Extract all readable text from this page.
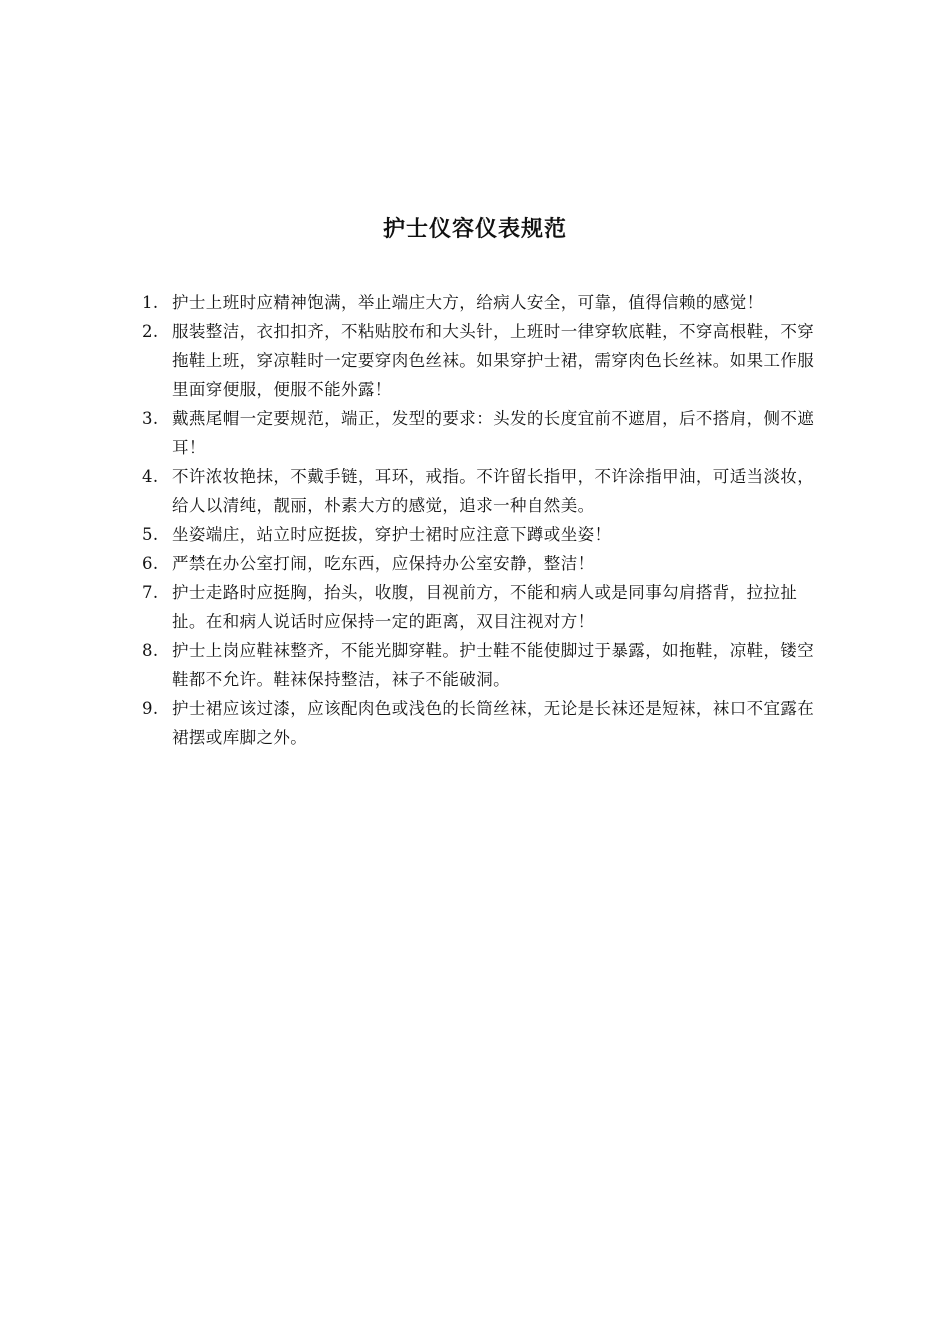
护士仪容仪表规范
1. 护士上班时应精神饱满，举止端庄大方，给病人安全，可靠，值得信赖的感觉！
2. 服装整洁，衣扣扣齐，不粘贴胶布和大头针，上班时一律穿软底鞋，不穿高根鞋，不穿拖鞋上班，穿凉鞋时一定要穿肉色丝袜。如果穿护士裙，需穿肉色长丝袜。如果工作服里面穿便服，便服不能外露！
3. 戴燕尾帽一定要规范，端正，发型的要求：头发的长度宜前不遮眉，后不搭肩，侧不遮耳！
4. 不许浓妆艳抹，不戴手链，耳环，戒指。不许留长指甲，不许涂指甲油，可适当淡妆，给人以清纯，靓丽，朴素大方的感觉，追求一种自然美。
5. 坐姿端庄，站立时应挺拔，穿护士裙时应注意下蹲或坐姿！
6. 严禁在办公室打闹，吃东西，应保持办公室安静，整洁！
7. 护士走路时应挺胸，抬头，收腹，目视前方，不能和病人或是同事勾肩搭背，拉拉扯扯。在和病人说话时应保持一定的距离，双目注视对方！
8. 护士上岗应鞋袜整齐，不能光脚穿鞋。护士鞋不能使脚过于暴露，如拖鞋，凉鞋，镂空鞋都不允许。鞋袜保持整洁，袜子不能破洞。
9. 护士裙应该过漆，应该配肉色或浅色的长筒丝袜，无论是长袜还是短袜，袜口不宜露在裙摆或库脚之外。
